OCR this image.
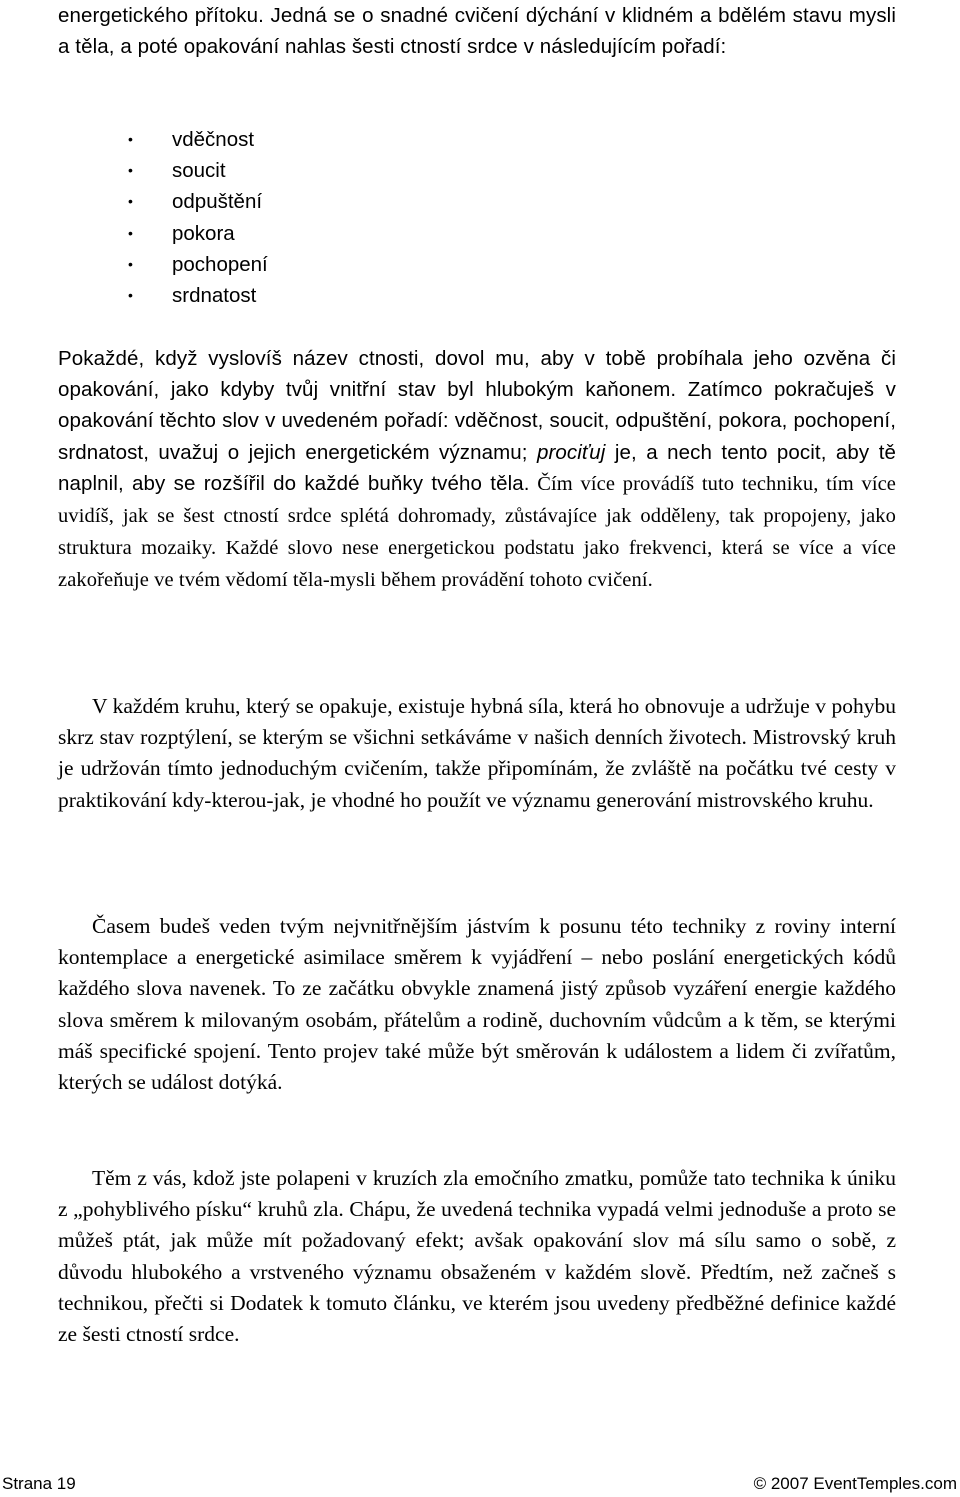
energetického přítoku. Jedná se o snadné cvičení dýchání v klidném a bdělém stavu mysli a těla, a poté opakování nahlas šesti ctností srdce v následujícím pořadí:

•	vděčnost
•	soucit
•	odpuštění
•	pokora
•	pochopení
•	srdnatost

Pokaždé, když vyslovíš název ctnosti, dovol mu, aby v tobě probíhala jeho ozvěna či opakování, jako kdyby tvůj vnitřní stav byl hlubokým kaňonem. Zatímco pokračuješ v opakování těchto slov v uvedeném pořadí: vděčnost, soucit, odpuštění, pokora, pochopení, srdnatost, uvažuj o jejich energetickém významu; prociťuj je, a nech tento pocit, aby tě naplnil, aby se rozšířil do každé buňky tvého těla. Čím více provádíš tuto techniku, tím více uvidíš, jak se šest ctností srdce splétá dohromady, zůstávajíce jak odděleny, tak propojeny, jako struktura mozaiky. Každé slovo nese energetickou podstatu jako frekvenci, která se více a více zakořeňuje ve tvém vědomí těla-mysli během provádění tohoto cvičení.

V každém kruhu, který se opakuje, existuje hybná síla, která ho obnovuje a udržuje v pohybu skrz stav rozptýlení, se kterým se všichni setkáváme v našich denních životech. Mistrovský kruh je udržován tímto jednoduchým cvičením, takže připomínám, že zvláště na počátku tvé cesty v praktikování kdy-kterou-jak, je vhodné ho použít ve významu generování mistrovského kruhu.

Časem budeš veden tvým nejvnitřnějším jástvím k posunu této techniky z roviny interní kontemplace a energetické asimilace směrem k vyjádření – nebo poslání energetických kódů každého slova navenek. To ze začátku obvykle znamená jistý způsob vyzáření energie každého slova směrem k milovaným osobám, přátelům a rodině, duchovním vůdcům a k těm, se kterými máš specifické spojení. Tento projev také může být směrován k událostem a lidem či zvířatům, kterých se událost dotýká.

Těm z vás, kdož jste polapeni v kruzích zla emočního zmatku, pomůže tato technika k úniku z „pohyblivého písku“ kruhů zla. Chápu, že uvedená technika vypadá velmi jednoduše a proto se můžeš ptát, jak může mít požadovaný efekt; avšak opakování slov má sílu samo o sobě, z důvodu hlubokého a vrstveného významu obsaženém v každém slově. Předtím, než začneš s technikou, přečti si Dodatek k tomuto článku, ve kterém jsou uvedeny předběžné definice každé ze šesti ctností srdce.

Strana 19	© 2007 EventTemples.com
